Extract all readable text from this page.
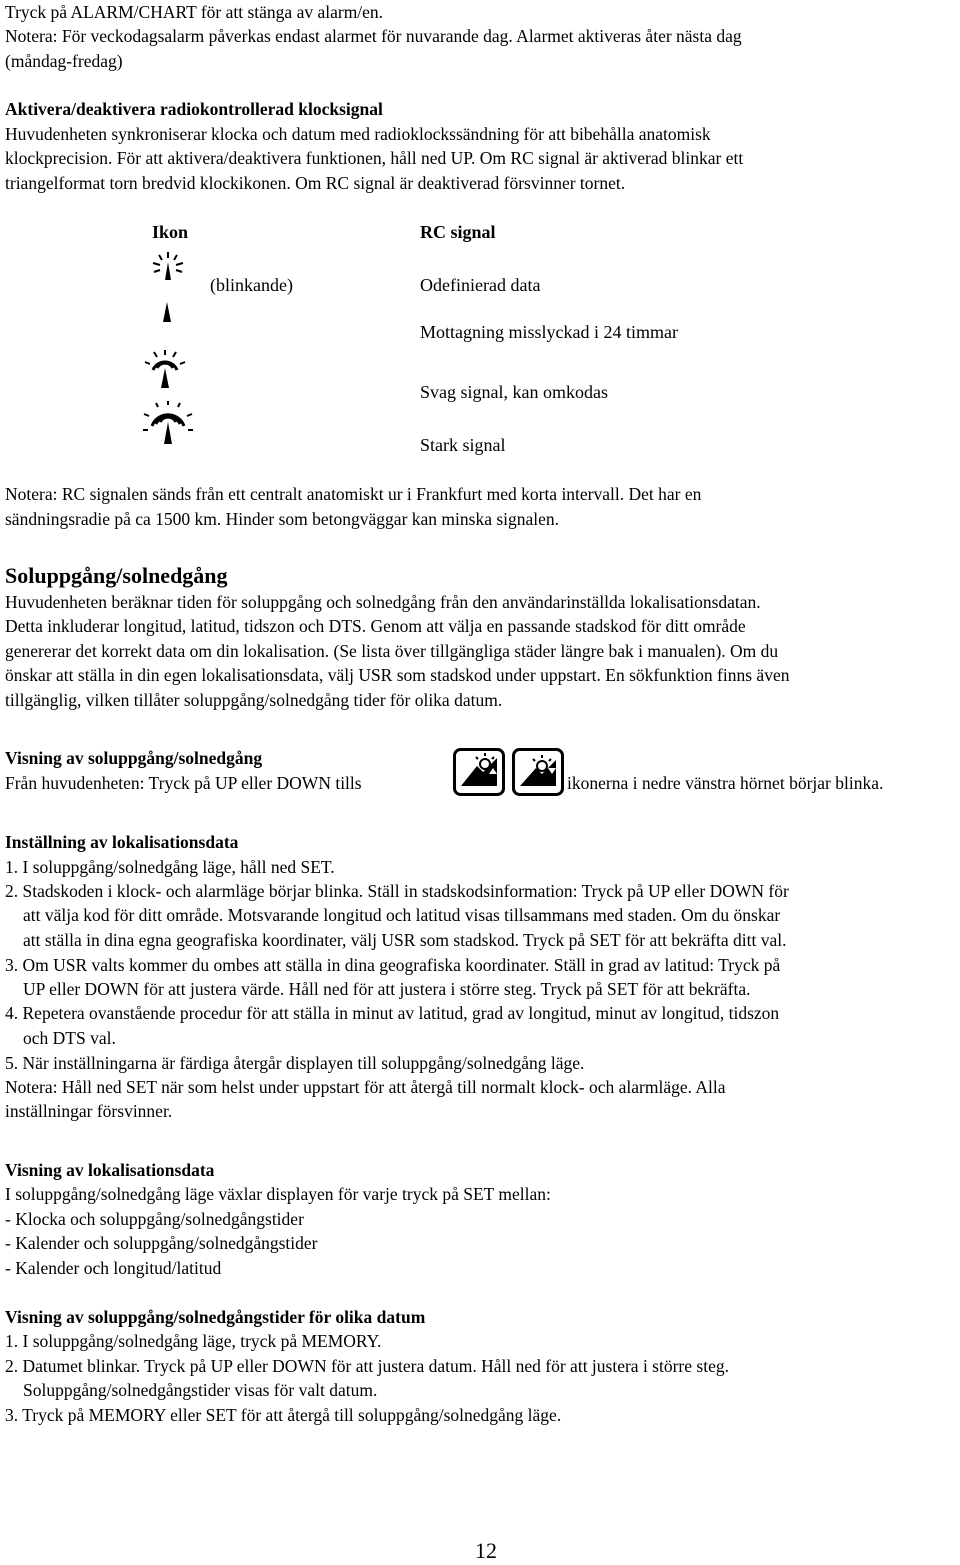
Tryck på ALARM/CHART för att stänga av alarm/en.
Notera: För veckodagsalarm påverkas endast alarmet för nuvarande dag. Alarmet aktiveras åter nästa dag
(måndag-fredag)
Aktivera/deaktivera radiokontrollerad klocksignal
Huvudenheten synkroniserar klocka och datum med radioklockssändning för att bibehålla anatomisk
klockprecision. För att aktivera/deaktivera funktionen, håll ned UP. Om RC signal är aktiverad blinkar ett
triangelformat torn bredvid klockikonen. Om RC signal är deaktiverad försvinner tornet.
Ikon	RC signal
(blinkande)	Odefinierad data
Mottagning misslyckad i 24 timmar
Svag signal, kan omkodas
Stark signal
Notera: RC signalen sänds från ett centralt anatomiskt ur i Frankfurt med korta intervall. Det har en
sändningsradie på ca 1500 km. Hinder som betongväggar kan minska signalen.
Soluppgång/solnedgång
Huvudenheten beräknar tiden för soluppgång och solnedgång från den användarinställda lokalisationsdatan.
Detta inkluderar longitud, latitud, tidszon och DTS. Genom att välja en passande stadskod för ditt område
genererar det korrekt data om din lokalisation. (Se lista över tillgängliga städer längre bak i manualen). Om du
önskar att ställa in din egen lokalisationsdata, välj USR som stadskod under uppstart. En sökfunktion finns även
tillgänglig, vilken tillåter soluppgång/solnedgång tider för olika datum.
Visning av soluppgång/solnedgång
Från huvudenheten: Tryck på UP eller DOWN tills	ikonerna i nedre vänstra hörnet börjar blinka.
Inställning av lokalisationsdata
1. I soluppgång/solnedgång läge, håll ned SET.
2. Stadskoden i klock- och alarmläge börjar blinka. Ställ in stadskodsinformation: Tryck på UP eller DOWN för
att välja kod för ditt område. Motsvarande longitud och latitud visas tillsammans med staden. Om du önskar
att ställa in dina egna geografiska koordinater, välj USR som stadskod. Tryck på SET för att bekräfta ditt val.
3. Om USR valts kommer du ombes att ställa in dina geografiska koordinater. Ställ in grad av latitud: Tryck på
UP eller DOWN för att justera värde. Håll ned för att justera i större steg. Tryck på SET för att bekräfta.
4. Repetera ovanstående procedur för att ställa in minut av latitud, grad av longitud, minut av longitud, tidszon
och DTS val.
5. När inställningarna är färdiga återgår displayen till soluppgång/solnedgång läge.
Notera: Håll ned SET när som helst under uppstart för att återgå till normalt klock- och alarmläge. Alla
inställningar försvinner.
Visning av lokalisationsdata
I soluppgång/solnedgång läge växlar displayen för varje tryck på SET mellan:
- Klocka och soluppgång/solnedgångstider
- Kalender och soluppgång/solnedgångstider
- Kalender och longitud/latitud
Visning av soluppgång/solnedgångstider för olika datum
1. I soluppgång/solnedgång läge, tryck på MEMORY.
2. Datumet blinkar. Tryck på UP eller DOWN för att justera datum. Håll ned för att justera i större steg.
Soluppgång/solnedgångstider visas för valt datum.
3. Tryck på MEMORY eller SET för att återgå till soluppgång/solnedgång läge.
12
